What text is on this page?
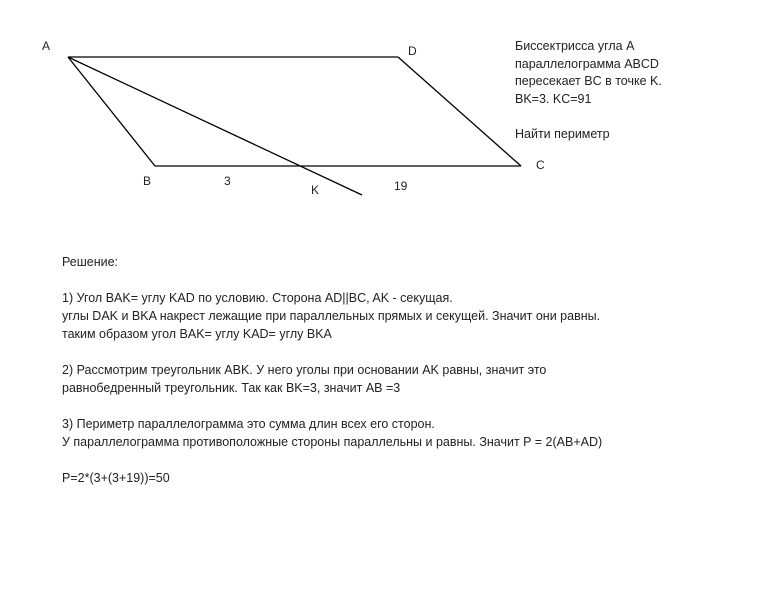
A	D
B
C
K
3	19
Биссектрисса угла A
параллелограмма ABCD
пересекает BC в точке K.
BK=3. KC=91
Найти периметр
Решение:
1) Угол BAK= углу KAD по условию. Сторона AD||BC, AK - секущая.
углы DAK и BKA накрест лежащие при параллельных прямых и секущей. Значит они равны.
таким образом угол BAK= углу KAD= углу BKA
2) Рассмотрим треугольник ABK. У него уголы при основании AK равны, значит это
равнобедренный треугольник. Так как BK=3, значит AB =3
3) Периметр параллелограмма это сумма длин всех его сторон.
У параллелограмма противоположные стороны параллельны и равны. Значит P = 2(AB+AD)
P=2*(3+(3+19))=50
